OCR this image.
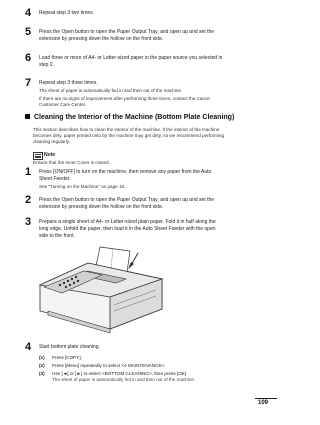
4 Repeat step 3 two times.
5 Press the Open button to open the Paper Output Tray, and open up and set the
extension by pressing down the hollow on the front side.
6 Load three or more of A4- or Letter-sized paper in the paper source you selected in
step 2.
7 Repeat step 3 three times.
The sheet of paper is automatically fed in and then out of the machine.
If there are no signs of improvement after performing three times, contact the Canon
Customer Care Center.
Cleaning the Interior of the Machine (Bottom Plate Cleaning)
This section describes how to clean the interior of the machine. If the interior of the machine
becomes dirty, paper printed onto by the machine may get dirty, so we recommend performing
cleaning regularly.
Note
Ensure that the Inner Cover is closed.
1 Press [ON/OFF] to turn on the machine, then remove any paper from the Auto
Sheet Feeder.
See "Turning on the Machine" on page 18.
2 Press the Open button to open the Paper Output Tray, and open up and set the
extension by pressing down the hollow on the front side.
3 Prepare a single sheet of A4- or Letter-sized plain paper. Fold it in half along the
long edge. Unfold the paper, then load it in the Auto Sheet Feeder with the open
side to the front.
4 Start bottom plate cleaning.
(1) Press [COPY].
(2) Press [Menu] repeatedly to select <4 MAINTENANCE>.
(3) Use [◄] or [►] to select <BOTTOM CLEANING>, then press [OK].
The sheet of paper is automatically fed in and then out of the machine.
109
